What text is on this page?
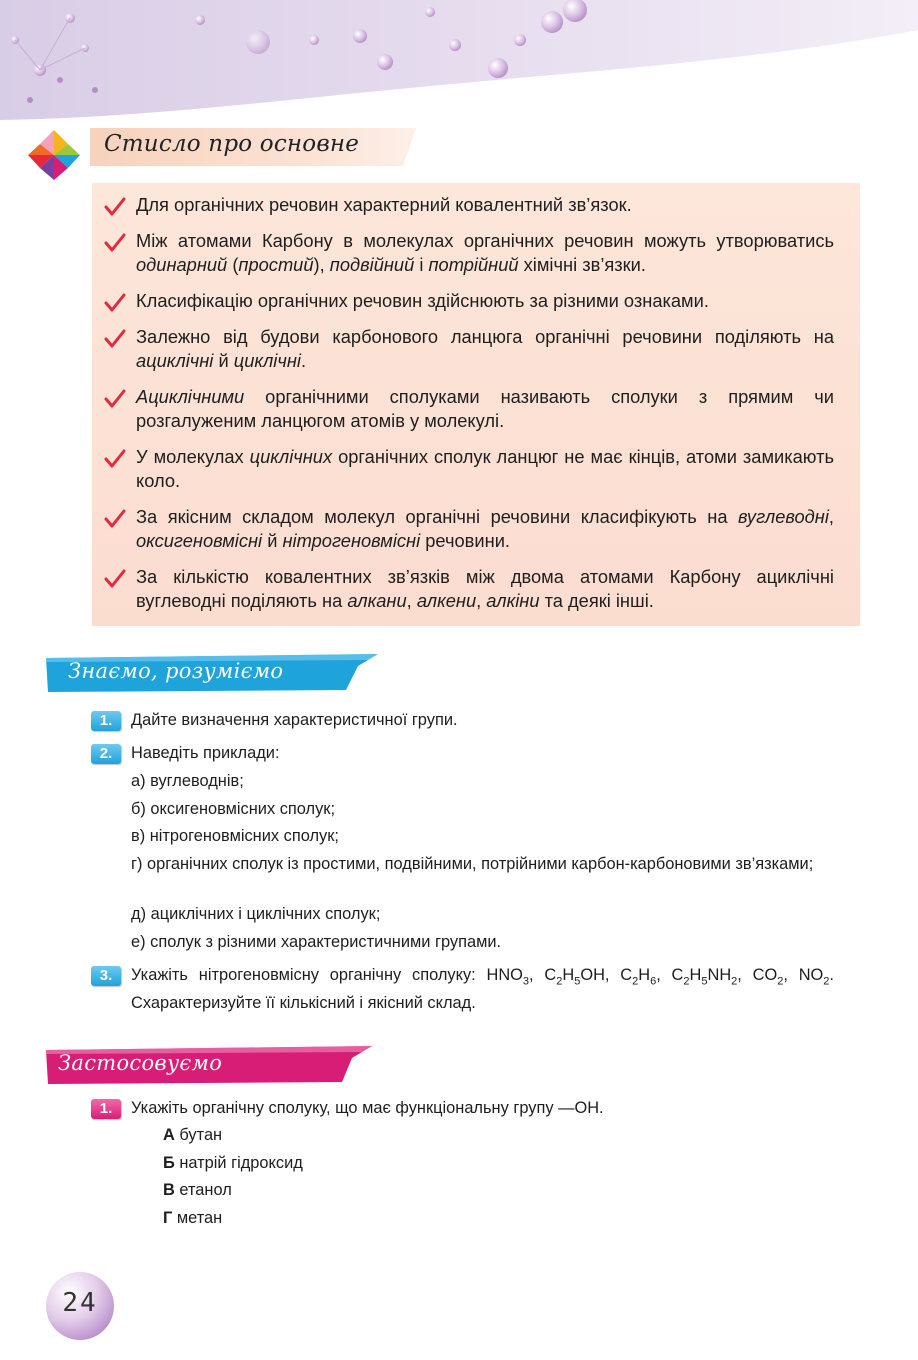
Стисло про основне
Для органічних речовин характерний ковалентний зв’язок.
Між атомами Карбону в молекулах органічних речовин можуть утворюватись одинарний (простий), подвійний і потрійний хімічні зв’язки.
Класифікацію органічних речовин здійснюють за різними ознаками.
Залежно від будови карбонового ланцюга органічні речовини поділяють на ациклічні й циклічні.
Ациклічними органічними сполуками називають сполуки з прямим чи розгалуженим ланцюгом атомів у молекулі.
У молекулах циклічних органічних сполук ланцюг не має кінців, атоми замикають коло.
За якісним складом молекул органічні речовини класифікують на вуглеводні, оксигеновмісні й нітрогеновмісні речовини.
За кількістю ковалентних зв’язків між двома атомами Карбону ациклічні вуглеводні поділяють на алкани, алкени, алкіни та деякі інші.
Знаємо, розуміємо
1.	Дайте визначення характеристичної групи.
2.	Наведіть приклади:
а) вуглеводнів;
б) оксигеновмісних сполук;
в) нітрогеновмісних сполук;
г) органічних сполук із простими, подвійними, потрійними карбон-карбоновими зв’язками;
д) ациклічних і циклічних сполук;
е) сполук з різними характеристичними групами.
3.	Укажіть нітрогеновмісну органічну сполуку: $HNO_3$, $C_2H_5OH$, $C_2H_6$, $C_2H_5NH_2$, $CO_2$, $NO_2$. Схарактеризуйте її кількісний і якісний склад.
Застосовуємо
1.	Укажіть органічну сполуку, що має функціональну групу —OH.
А бутан
Б натрій гідроксид
В етанол
Г метан
24
